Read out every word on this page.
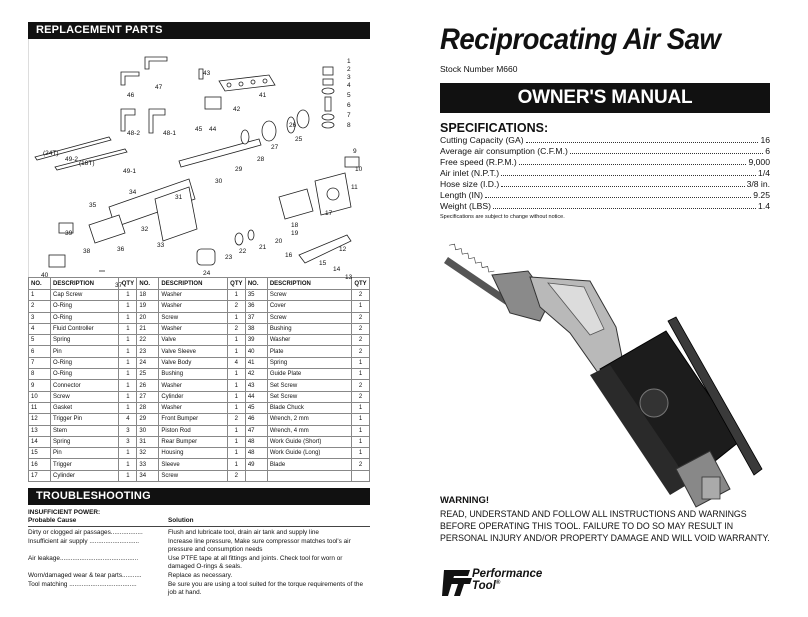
REPLACEMENT PARTS
1
2
3
4
5
6
7
8
9
10
11
12
13
14
15
16
17
18
19
20
21
22
23
24
25
26
27
28
29
30
31
32
33
34
35
36
37
38
39
40
41
42
43
44
45
46
47
48-1
48-2
49-1
49-2
(24T)
(18T)
NO.	DESCRIPTION	QTY	NO.	DESCRIPTION	QTY	NO.	DESCRIPTION	QTY
1	Cap Screw	1	18	Washer	1	35	Screw	2
2	O-Ring	1	19	Washer	2	36	Cover	1
3	O-Ring	1	20	Screw	1	37	Screw	2
4	Fluid Controller	1	21	Washer	2	38	Bushing	2
5	Spring	1	22	Valve	1	39	Washer	2
6	Pin	1	23	Valve Sleeve	1	40	Plate	2
7	O-Ring	1	24	Valve Body	4	41	Spring	1
8	O-Ring	1	25	Bushing	1	42	Guide Plate	1
9	Connector	1	26	Washer	1	43	Set Screw	2
10	Screw	1	27	Cylinder	1	44	Set Screw	2
11	Gasket	1	28	Washer	1	45	Blade Chuck	1
12	Trigger Pin	4	29	Front Bumper	2	46	Wrench, 2 mm	1
13	Stem	3	30	Piston Rod	1	47	Wrench, 4 mm	1
14	Spring	3	31	Rear Bumper	1	48	Work Guide (Short)	1
15	Pin	1	32	Housing	1	48	Work Guide (Long)	1
16	Trigger	1	33	Sleeve	1	49	Blade	2
17	Cylinder	1	34	Screw	2			
TROUBLESHOOTING
INSUFFICIENT POWER:
Probable Cause	Solution
Dirty or clogged air passages..................	Flush and lubricate tool, drain air tank and supply line
Insufficient air supply ............................	Increase line pressure, Make sure compressor matches tool's air pressure and consumption needs
Air leakage............................................	Use PTFE tape at all fittings and joints. Check tool for worn or damaged O-rings & seals.
Worn/damaged wear & tear parts...........	Replace as necessary.
Tool matching ......................................	Be sure you are using a tool suited for the torque requirements of the job at hand.
Reciprocating Air Saw
Stock Number M660
OWNER'S MANUAL
SPECIFICATIONS:
Cutting Capacity (GA)	16
Average air consumption (C.F.M.)	6
Free speed (R.P.M.)	9,000
Air inlet (N.P.T.)	1/4
Hose size (I.D.)	3/8 in.
Length (IN)	9.25
Weight (LBS)	1.4
Specifications are subject to change without notice.
WARNING!
READ, UNDERSTAND AND FOLLOW ALL INSTRUCTIONS AND WARNINGS BEFORE OPERATING THIS TOOL. FAILURE TO DO SO MAY RESULT IN PERSONAL INJURY AND/OR PROPERTY DAMAGE AND WILL VOID WARRANTY.
Performance
Tool®
